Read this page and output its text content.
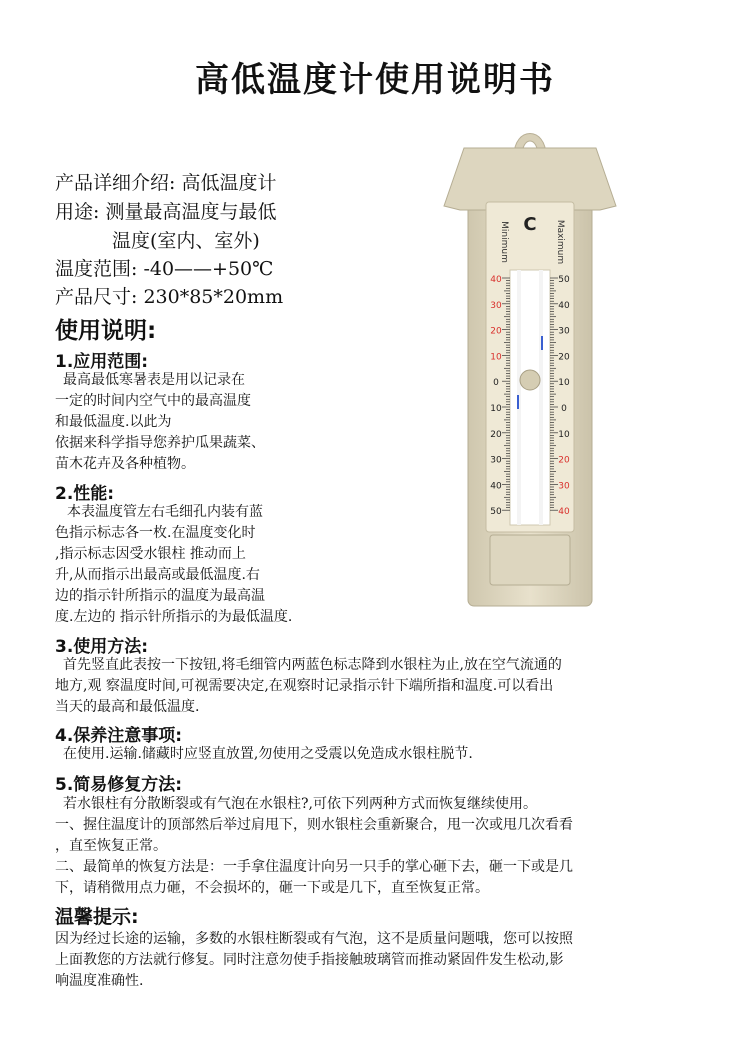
高低温度计使用说明书
产品详细介绍: 高低温度计
用途: 测量最高温度与最低
温度(室内、室外)
温度范围: -40——+50℃
产品尺寸: 230*85*20mm
使用说明:
1.应用范围:
最高最低寒暑表是用以记录在
一定的时间内空气中的最高温度
和最低温度.以此为
依据来科学指导您养护瓜果蔬菜、
苗木花卉及各种植物。
2.性能:
本表温度管左右毛细孔内装有蓝
色指示标志各一枚.在温度变化时
,指示标志因受水银柱 推动而上
升,从而指示出最高或最低温度.右
边的指示针所指示的温度为最高温
度.左边的 指示针所指示的为最低温度.
3.使用方法:
首先竖直此表按一下按钮,将毛细管内两蓝色标志降到水银柱为止,放在空气流通的
地方,观 察温度时间,可视需要决定,在观察时记录指示针下端所指和温度.可以看出
当天的最高和最低温度.
4.保养注意事项:
在使用.运输.储藏时应竖直放置,勿使用之受震以免造成水银柱脱节.
5.简易修复方法:
若水银柱有分散断裂或有气泡在水银柱?,可依下列两种方式而恢复继续使用。
一、握住温度计的顶部然后举过肩甩下，则水银柱会重新聚合，甩一次或甩几次看看
，直至恢复正常。
二、最简单的恢复方法是：一手拿住温度计向另一只手的掌心砸下去，砸一下或是几
下，请稍微用点力砸，不会损坏的，砸一下或是几下，直至恢复正常。
温馨提示:
因为经过长途的运输，多数的水银柱断裂或有气泡，这不是质量问题哦，您可以按照
上面教您的方法就行修复。同时注意勿使手指接触玻璃管而推动紧固件发生松动,影
响温度准确性.
Minimum	Maximum
C
40
30
20
10
0
10
20
30
40
50
50
40
30
20
10
0
10
20
30
40
